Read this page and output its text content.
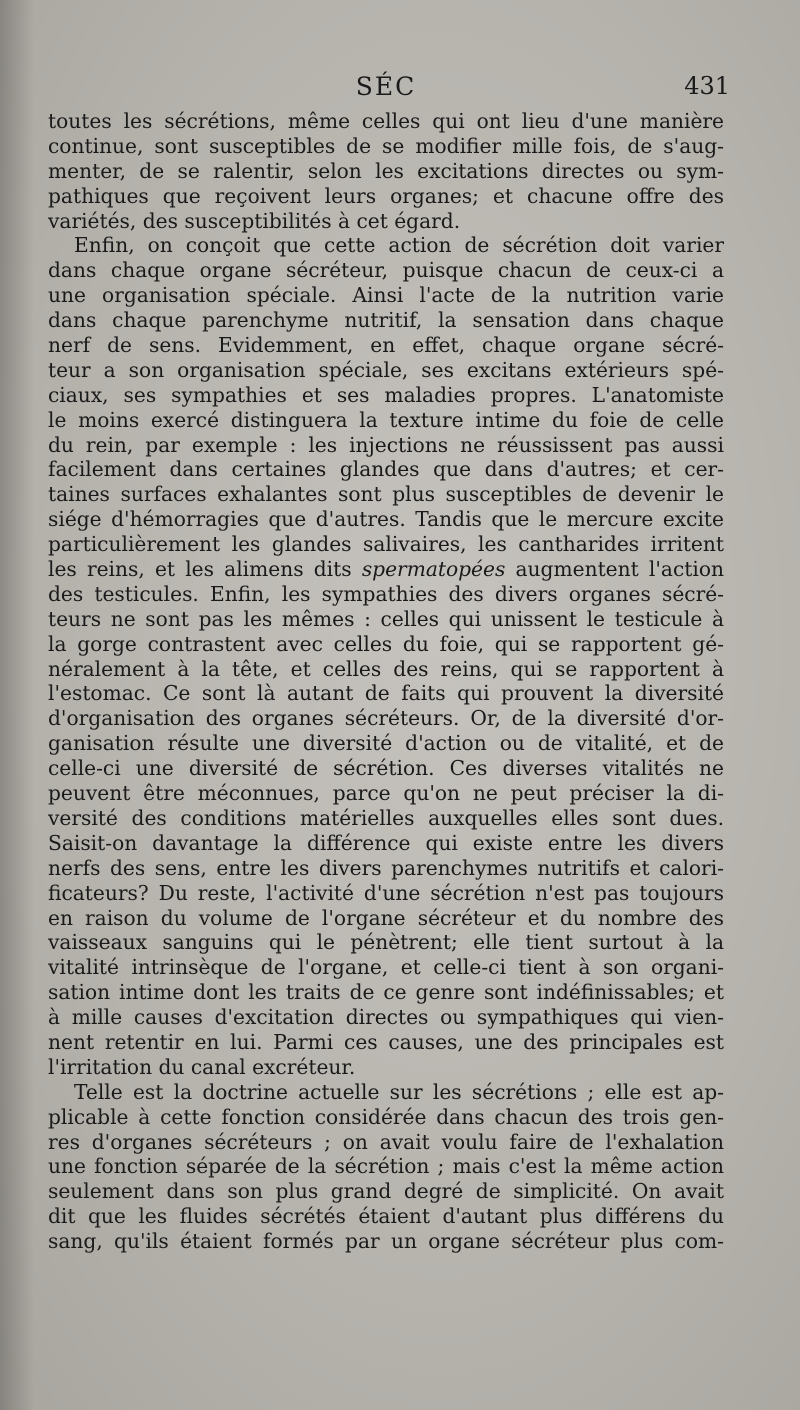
SÉC	431
toutes les sécrétions, même celles qui ont lieu d'une manière
continue, sont susceptibles de se modifier mille fois, de s'aug-
menter, de se ralentir, selon les excitations directes ou sym-
pathiques que reçoivent leurs organes; et chacune offre des
variétés, des susceptibilités à cet égard.
Enfin, on conçoit que cette action de sécrétion doit varier
dans chaque organe sécréteur, puisque chacun de ceux-ci a
une organisation spéciale. Ainsi l'acte de la nutrition varie
dans chaque parenchyme nutritif, la sensation dans chaque
nerf de sens. Evidemment, en effet, chaque organe sécré-
teur a son organisation spéciale, ses excitans extérieurs spé-
ciaux, ses sympathies et ses maladies propres. L'anatomiste
le moins exercé distinguera la texture intime du foie de celle
du rein, par exemple : les injections ne réussissent pas aussi
facilement dans certaines glandes que dans d'autres; et cer-
taines surfaces exhalantes sont plus susceptibles de devenir le
siége d'hémorragies que d'autres. Tandis que le mercure excite
particulièrement les glandes salivaires, les cantharides irritent
les reins, et les alimens dits spermatopées augmentent l'action
des testicules. Enfin, les sympathies des divers organes sécré-
teurs ne sont pas les mêmes : celles qui unissent le testicule à
la gorge contrastent avec celles du foie, qui se rapportent gé-
néralement à la tête, et celles des reins, qui se rapportent à
l'estomac. Ce sont là autant de faits qui prouvent la diversité
d'organisation des organes sécréteurs. Or, de la diversité d'or-
ganisation résulte une diversité d'action ou de vitalité, et de
celle-ci une diversité de sécrétion. Ces diverses vitalités ne
peuvent être méconnues, parce qu'on ne peut préciser la di-
versité des conditions matérielles auxquelles elles sont dues.
Saisit-on davantage la différence qui existe entre les divers
nerfs des sens, entre les divers parenchymes nutritifs et calori-
ficateurs? Du reste, l'activité d'une sécrétion n'est pas toujours
en raison du volume de l'organe sécréteur et du nombre des
vaisseaux sanguins qui le pénètrent; elle tient surtout à la
vitalité intrinsèque de l'organe, et celle-ci tient à son organi-
sation intime dont les traits de ce genre sont indéfinissables; et
à mille causes d'excitation directes ou sympathiques qui vien-
nent retentir en lui. Parmi ces causes, une des principales est
l'irritation du canal excréteur.
Telle est la doctrine actuelle sur les sécrétions ; elle est ap-
plicable à cette fonction considérée dans chacun des trois gen-
res d'organes sécréteurs ; on avait voulu faire de l'exhalation
une fonction séparée de la sécrétion ; mais c'est la même action
seulement dans son plus grand degré de simplicité. On avait
dit que les fluides sécrétés étaient d'autant plus différens du
sang, qu'ils étaient formés par un organe sécréteur plus com-
